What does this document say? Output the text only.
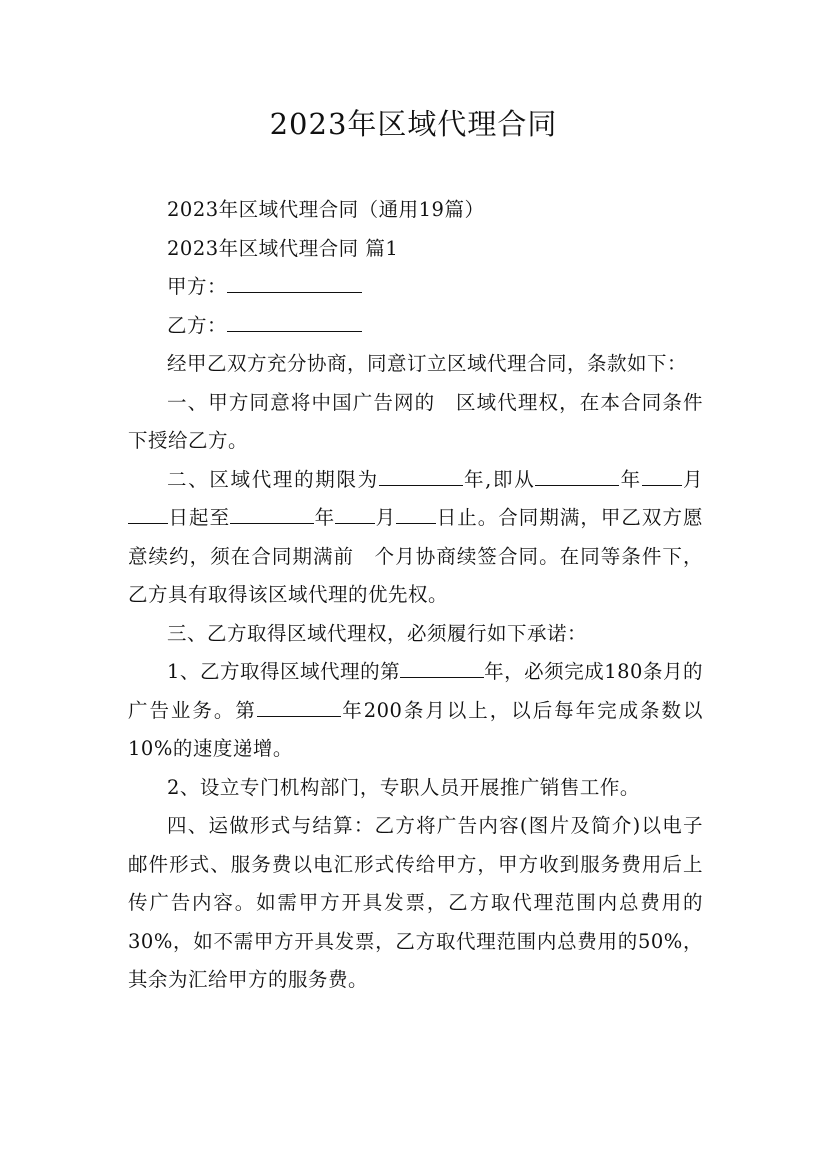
2023年区域代理合同

2023年区域代理合同（通用19篇）

2023年区域代理合同 篇1

甲方：

乙方：

经甲乙双方充分协商，同意订立区域代理合同，条款如下：

一、甲方同意将中国广告网的　区域代理权，在本合同条件下授给乙方。

二、区域代理的期限为	年,即从	年 月日起至	年 月 日止。合同期满，甲乙双方愿意续约，须在合同期满前　个月协商续签合同。在同等条件下，乙方具有取得该区域代理的优先权。

三、乙方取得区域代理权，必须履行如下承诺：

1、乙方取得区域代理的第	年，必须完成180条月的广告业务。第	年200条月以上，以后每年完成条数以10%的速度递增。

2、设立专门机构部门，专职人员开展推广销售工作。

四、运做形式与结算：乙方将广告内容(图片及简介)以电子邮件形式、服务费以电汇形式传给甲方，甲方收到服务费用后上传广告内容。如需甲方开具发票，乙方取代理范围内总费用的30%，如不需甲方开具发票，乙方取代理范围内总费用的50%，其余为汇给甲方的服务费。
